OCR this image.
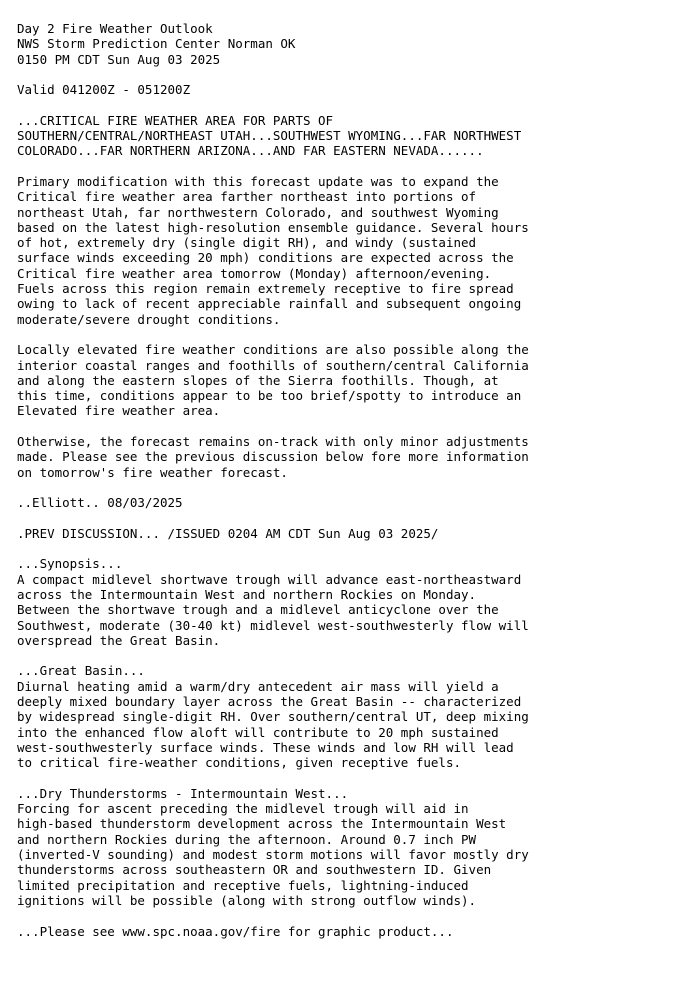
Day 2 Fire Weather Outlook
NWS Storm Prediction Center Norman OK
0150 PM CDT Sun Aug 03 2025
Valid 041200Z - 051200Z
...CRITICAL FIRE WEATHER AREA FOR PARTS OF
SOUTHERN/CENTRAL/NORTHEAST UTAH...SOUTHWEST WYOMING...FAR NORTHWEST
COLORADO...FAR NORTHERN ARIZONA...AND FAR EASTERN NEVADA......
Primary modification with this forecast update was to expand the
Critical fire weather area farther northeast into portions of
northeast Utah, far northwestern Colorado, and southwest Wyoming
based on the latest high-resolution ensemble guidance. Several hours
of hot, extremely dry (single digit RH), and windy (sustained
surface winds exceeding 20 mph) conditions are expected across the
Critical fire weather area tomorrow (Monday) afternoon/evening.
Fuels across this region remain extremely receptive to fire spread
owing to lack of recent appreciable rainfall and subsequent ongoing
moderate/severe drought conditions.
Locally elevated fire weather conditions are also possible along the
interior coastal ranges and foothills of southern/central California
and along the eastern slopes of the Sierra foothills. Though, at
this time, conditions appear to be too brief/spotty to introduce an
Elevated fire weather area.
Otherwise, the forecast remains on-track with only minor adjustments
made. Please see the previous discussion below fore more information
on tomorrow's fire weather forecast.
..Elliott.. 08/03/2025
.PREV DISCUSSION... /ISSUED 0204 AM CDT Sun Aug 03 2025/
...Synopsis...
A compact midlevel shortwave trough will advance east-northeastward
across the Intermountain West and northern Rockies on Monday.
Between the shortwave trough and a midlevel anticyclone over the
Southwest, moderate (30-40 kt) midlevel west-southwesterly flow will
overspread the Great Basin.
...Great Basin...
Diurnal heating amid a warm/dry antecedent air mass will yield a
deeply mixed boundary layer across the Great Basin -- characterized
by widespread single-digit RH. Over southern/central UT, deep mixing
into the enhanced flow aloft will contribute to 20 mph sustained
west-southwesterly surface winds. These winds and low RH will lead
to critical fire-weather conditions, given receptive fuels.
...Dry Thunderstorms - Intermountain West...
Forcing for ascent preceding the midlevel trough will aid in
high-based thunderstorm development across the Intermountain West
and northern Rockies during the afternoon. Around 0.7 inch PW
(inverted-V sounding) and modest storm motions will favor mostly dry
thunderstorms across southeastern OR and southwestern ID. Given
limited precipitation and receptive fuels, lightning-induced
ignitions will be possible (along with strong outflow winds).
...Please see www.spc.noaa.gov/fire for graphic product...
